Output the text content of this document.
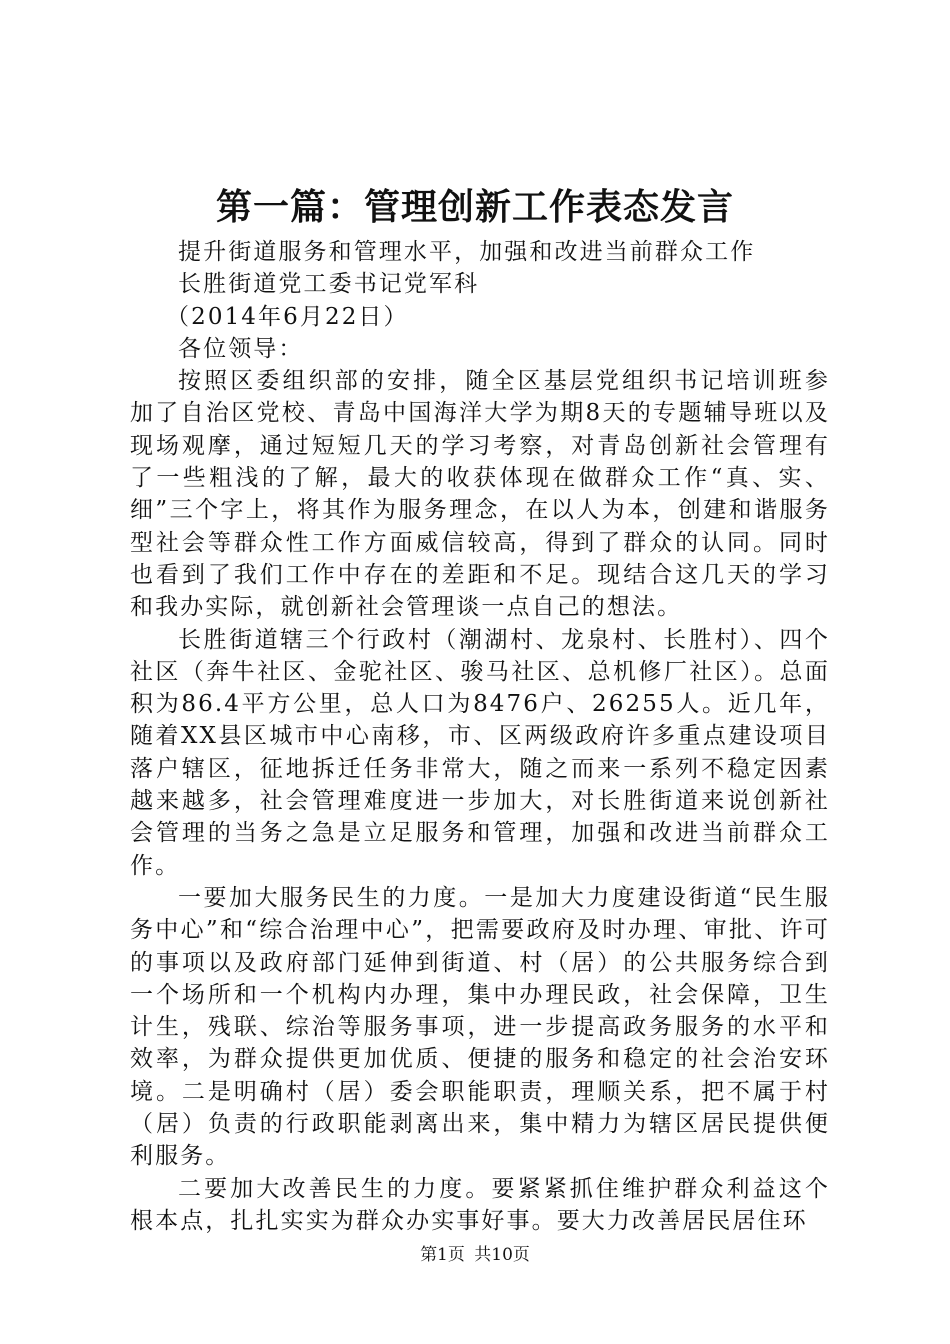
第一篇：管理创新工作表态发言

提升街道服务和管理水平，加强和改进当前群众工作

长胜街道党工委书记党军科

（2014年6月22日）

各位领导：

按照区委组织部的安排，随全区基层党组织书记培训班参加了自治区党校、青岛中国海洋大学为期8天的专题辅导班以及现场观摩，通过短短几天的学习考察，对青岛创新社会管理有了一些粗浅的了解，最大的收获体现在做群众工作“真、实、细”三个字上，将其作为服务理念，在以人为本，创建和谐服务型社会等群众性工作方面威信较高，得到了群众的认同。同时也看到了我们工作中存在的差距和不足。现结合这几天的学习和我办实际，就创新社会管理谈一点自己的想法。

长胜街道辖三个行政村（潮湖村、龙泉村、长胜村）、四个社区（奔牛社区、金驼社区、骏马社区、总机修厂社区）。总面积为86.4平方公里，总人口为8476户、26255人。近几年，随着XX县区城市中心南移，市、区两级政府许多重点建设项目落户辖区，征地拆迁任务非常大，随之而来一系列不稳定因素越来越多，社会管理难度进一步加大，对长胜街道来说创新社会管理的当务之急是立足服务和管理，加强和改进当前群众工作。

一要加大服务民生的力度。一是加大力度建设街道“民生服务中心”和“综合治理中心”，把需要政府及时办理、审批、许可的事项以及政府部门延伸到街道、村（居）的公共服务综合到一个场所和一个机构内办理，集中办理民政，社会保障，卫生计生，残联、综治等服务事项，进一步提高政务服务的水平和效率，为群众提供更加优质、便捷的服务和稳定的社会治安环境。二是明确村（居）委会职能职责，理顺关系，把不属于村（居）负责的行政职能剥离出来，集中精力为辖区居民提供便利服务。

二要加大改善民生的力度。要紧紧抓住维护群众利益这个根本点，扎扎实实为群众办实事好事。要大力改善居民居住环

第1页 共10页
